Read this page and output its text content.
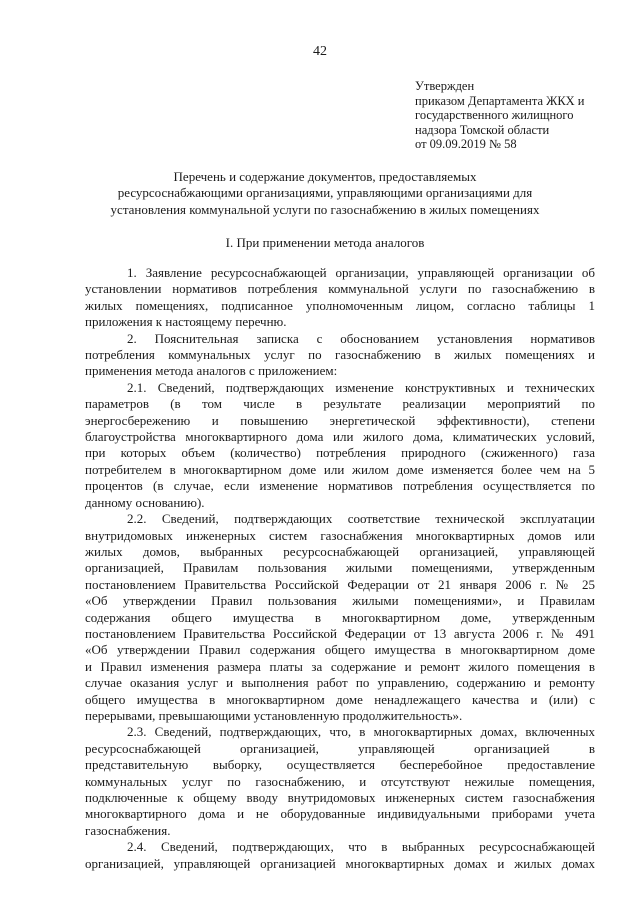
42
Утвержден
приказом Департамента ЖКХ и
государственного жилищного
надзора Томской области
от 09.09.2019 № 58
Перечень и содержание документов, предоставляемых
ресурсоснабжающими организациями, управляющими организациями для
установления коммунальной услуги по газоснабжению в жилых помещениях
I. При применении метода аналогов
1. Заявление ресурсоснабжающей организации, управляющей организации об
установлении нормативов потребления коммунальной услуги по газоснабжению в
жилых помещениях, подписанное уполномоченным лицом, согласно таблицы 1
приложения к настоящему перечню.
2. Пояснительная записка с обоснованием установления нормативов
потребления коммунальных услуг по газоснабжению в жилых помещениях и
применения метода аналогов с приложением:
2.1. Сведений, подтверждающих изменение конструктивных и технических
параметров (в том числе в результате реализации мероприятий по
энергосбережению и повышению энергетической эффективности), степени
благоустройства многоквартирного дома или жилого дома, климатических условий,
при которых объем (количество) потребления природного (сжиженного) газа
потребителем в многоквартирном доме или жилом доме изменяется более чем на 5
процентов (в случае, если изменение нормативов потребления осуществляется по
данному основанию).
2.2. Сведений, подтверждающих соответствие технической эксплуатации
внутридомовых инженерных систем газоснабжения многоквартирных домов или
жилых домов, выбранных ресурсоснабжающей организацией, управляющей
организацией, Правилам пользования жилыми помещениями, утвержденным
постановлением Правительства Российской Федерации от 21 января 2006 г. № 25
«Об утверждении Правил пользования жилыми помещениями», и Правилам
содержания общего имущества в многоквартирном доме, утвержденным
постановлением Правительства Российской Федерации от 13 августа 2006 г. № 491
«Об утверждении Правил содержания общего имущества в многоквартирном доме
и Правил изменения размера платы за содержание и ремонт жилого помещения в
случае оказания услуг и выполнения работ по управлению, содержанию и ремонту
общего имущества в многоквартирном доме ненадлежащего качества и (или) с
перерывами, превышающими установленную продолжительность».
2.3. Сведений, подтверждающих, что, в многоквартирных домах, включенных
ресурсоснабжающей организацией, управляющей организацией в
представительную выборку, осуществляется бесперебойное предоставление
коммунальных услуг по газоснабжению, и отсутствуют нежилые помещения,
подключенные к общему вводу внутридомовых инженерных систем газоснабжения
многоквартирного дома и не оборудованные индивидуальными приборами учета
газоснабжения.
2.4. Сведений, подтверждающих, что в выбранных ресурсоснабжающей
организацией, управляющей организацией многоквартирных домах и жилых домах
